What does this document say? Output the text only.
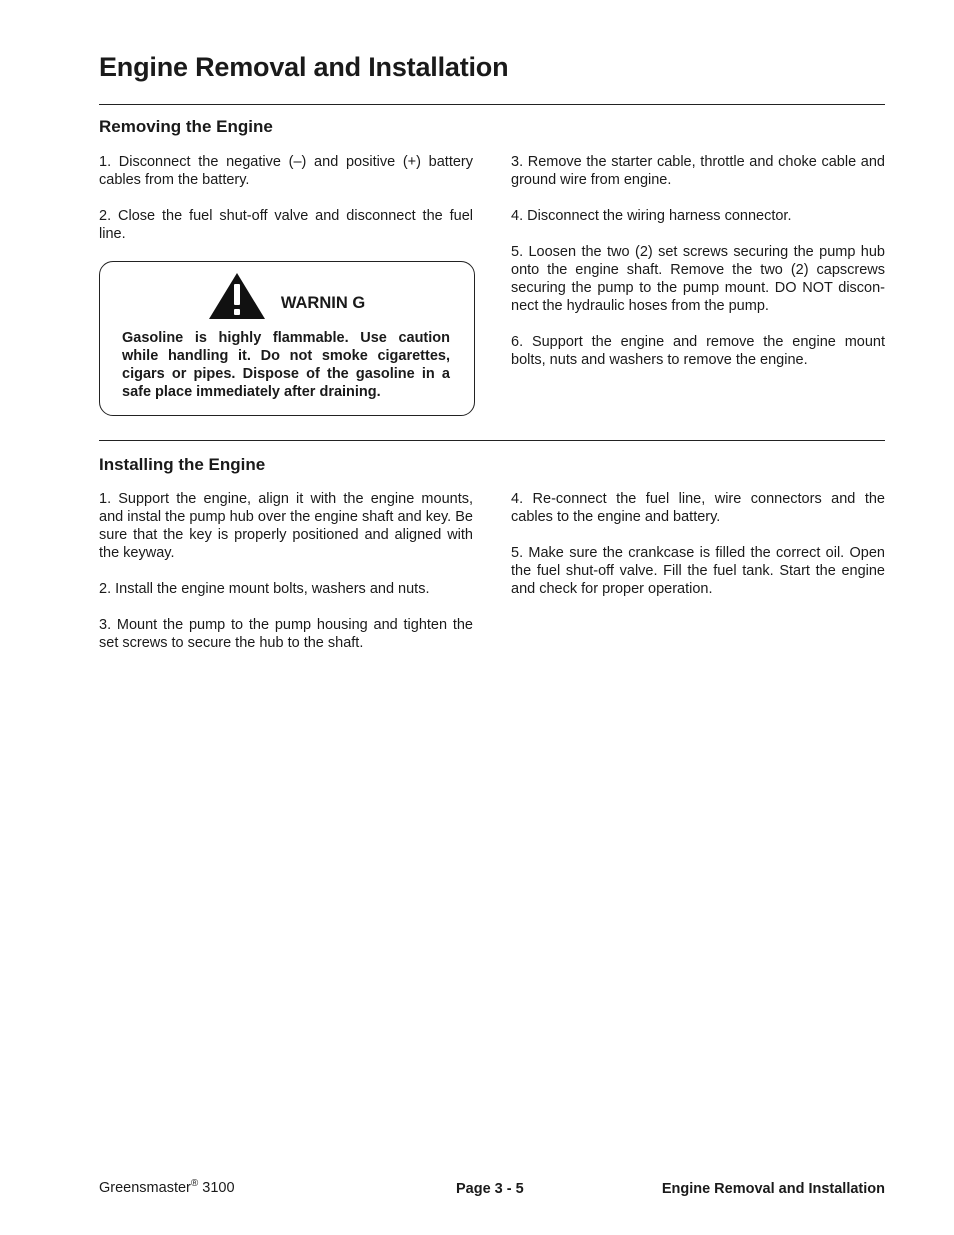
Engine Removal and Installation
Removing the Engine

1. Disconnect the negative (–) and positive (+) battery cables from the battery.

2. Close the fuel shut-off valve and disconnect the fuel line.

WARNIN G

Gasoline is highly flammable. Use caution while handling it. Do not smoke cigarettes, cigars or pipes. Dispose of the gasoline in a safe place immediately after draining.

3. Remove the starter cable, throttle and choke cable and ground wire from engine.

4. Disconnect the wiring harness connector.

5. Loosen the two (2) set screws securing the pump hub onto the engine shaft. Remove the two (2) capscrews securing the pump to the pump mount. DO NOT discon-nect the hydraulic hoses from the pump.

6. Support the engine and remove the engine mount bolts, nuts and washers to remove the engine.

Installing the Engine

1. Support the engine, align it with the engine mounts, and instal the pump hub over the engine shaft and key. Be sure that the key is properly positioned and aligned with the keyway.

2. Install the engine mount bolts, washers and nuts.

3. Mount the pump to the pump housing and tighten the set screws to secure the hub to the shaft.

4. Re-connect the fuel line, wire connectors and the cables to the engine and battery.

5. Make sure the crankcase is filled the correct oil. Open the fuel shut-off valve. Fill the fuel tank. Start the engine and check for proper operation.

Greensmaster® 3100	Page 3 - 5	Engine Removal and Installation
